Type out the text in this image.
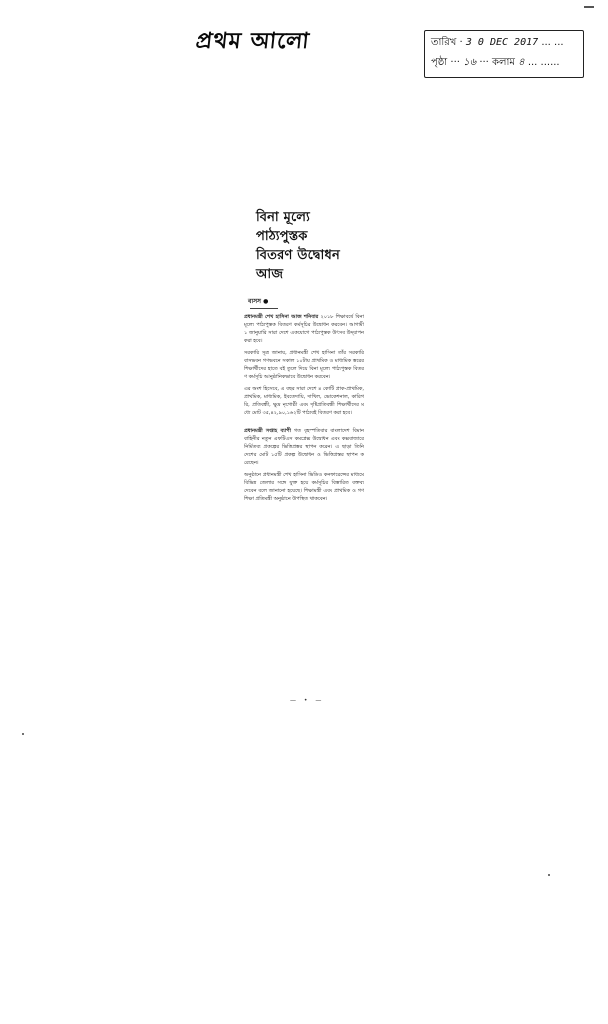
প্রথম আলো	তারিখ · 3 0 DEC 2017 ... ...
পৃষ্ঠা ··· ১৬ ··· কলাম ৪ ... ......
বিনা মূল্যে পাঠ্যপুস্তক
বিতরণ উদ্বোধন আজ
বাসস ●

প্রধানমন্ত্রী শেখ হাসিনা আজ শনিবার ২০১৮ শিক্ষাবর্ষে বিনা মূল্যে পাঠ্যপুস্তক বিতরণ কর্মসূচির উদ্বোধন করবেন। আগামী ১ জানুয়ারি সারা দেশে একযোগে পাঠ্যপুস্তক উৎসব উদ্‌যাপন করা হবে।

সরকারি সূত্র জানায়, প্রধানমন্ত্রী শেখ হাসিনা তাঁর সরকারি বাসভবন গণভবনে সকাল ১০টায় প্রাথমিক ও মাধ্যমিক স্তরের শিক্ষার্থীদের হাতে বই তুলে দিয়ে বিনা মূল্যে পাঠ্যপুস্তক বিতরণ কর্মসূচি আনুষ্ঠানিকভাবে উদ্বোধন করবেন।

এর অংশ হিসেবে, এ বছর সারা দেশে ৪ কোটি প্রাক-প্রাথমিক, প্রাথমিক, মাধ্যমিক, ইবতেদায়ি, দাখিল, ভোকেশনাল, কারিগরি, প্রতিবন্ধী, ক্ষুদ্র নৃগোষ্ঠী এবং দৃষ্টিপ্রতিবন্ধী শিক্ষার্থীদের মধ্যে মোট ৩৫,৪২,৯০,১৬২টি পাঠ্যবই বিতরণ করা হবে।

প্রধানমন্ত্রী সপ্তাহ ব্যাপী গত বৃহস্পতিবার বাংলাদেশ বিমানবাহিনীর নতুন এফটিএস কমপ্লেক্স উদ্বোধন এবং কক্সবাজারে নির্মিতব্য প্রকল্পের ভিত্তিপ্রস্তর স্থাপন করেন। এ ছাড়া তিনি দেশের মোট ১৫টি প্রকল্প উদ্বোধন ও ভিত্তিপ্রস্তর স্থাপন করেছেন।

অনুষ্ঠানে প্রধানমন্ত্রী শেখ হাসিনা ভিডিও কনফারেন্সের মাধ্যমে বিভিন্ন জেলার সঙ্গে যুক্ত হয়ে কর্মসূচির বিস্তারিত বক্তব্য দেবেন বলে জানানো হয়েছে। শিক্ষামন্ত্রী এবং প্রাথমিক ও গণশিক্ষা প্রতিমন্ত্রী অনুষ্ঠানে উপস্থিত থাকবেন।

— • —
